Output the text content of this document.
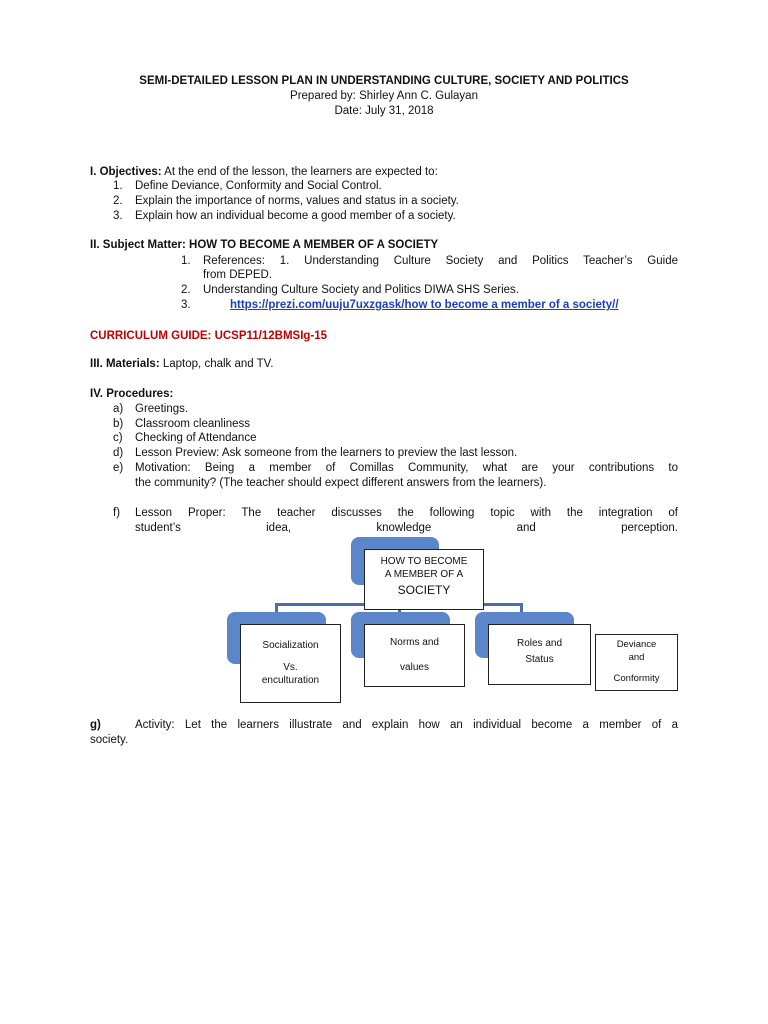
SEMI-DETAILED LESSON PLAN IN UNDERSTANDING CULTURE, SOCIETY AND POLITICS
Prepared by: Shirley Ann C. Gulayan
Date: July 31, 2018
I. Objectives: At the end of the lesson, the learners are expected to:
1. Define Deviance, Conformity and Social Control.
2. Explain the importance of norms, values and status in a society.
3. Explain how an individual become a good member of a society.
II. Subject Matter: HOW TO BECOME A MEMBER OF A SOCIETY
1. References: 1. Understanding Culture Society and Politics Teacher’s Guide
from DEPED.
2. Understanding Culture Society and Politics DIWA SHS Series.
3.	https://prezi.com/uuju7uxzgask/how to become a member of a society//
CURRICULUM GUIDE: UCSP11/12BMSIg-15
III. Materials: Laptop, chalk and TV.
IV. Procedures:
a) Greetings.
b) Classroom cleanliness
c) Checking of Attendance
d) Lesson Preview: Ask someone from the learners to preview the last lesson.
e) Motivation: Being a member of Comillas Community, what are your contributions to
the community? (The teacher should expect different answers from the learners).
f) Lesson Proper: The teacher discusses the following topic with the integration of
student’s idea, knowledge and perception.
HOW TO BECOME
A MEMBER OF A
SOCIETY
Socialization
Vs.
enculturation
Norms and
values
Roles and
Status
Deviance
and
Conformity
g)	Activity: Let the learners illustrate and explain how an individual become a member of a
society.
